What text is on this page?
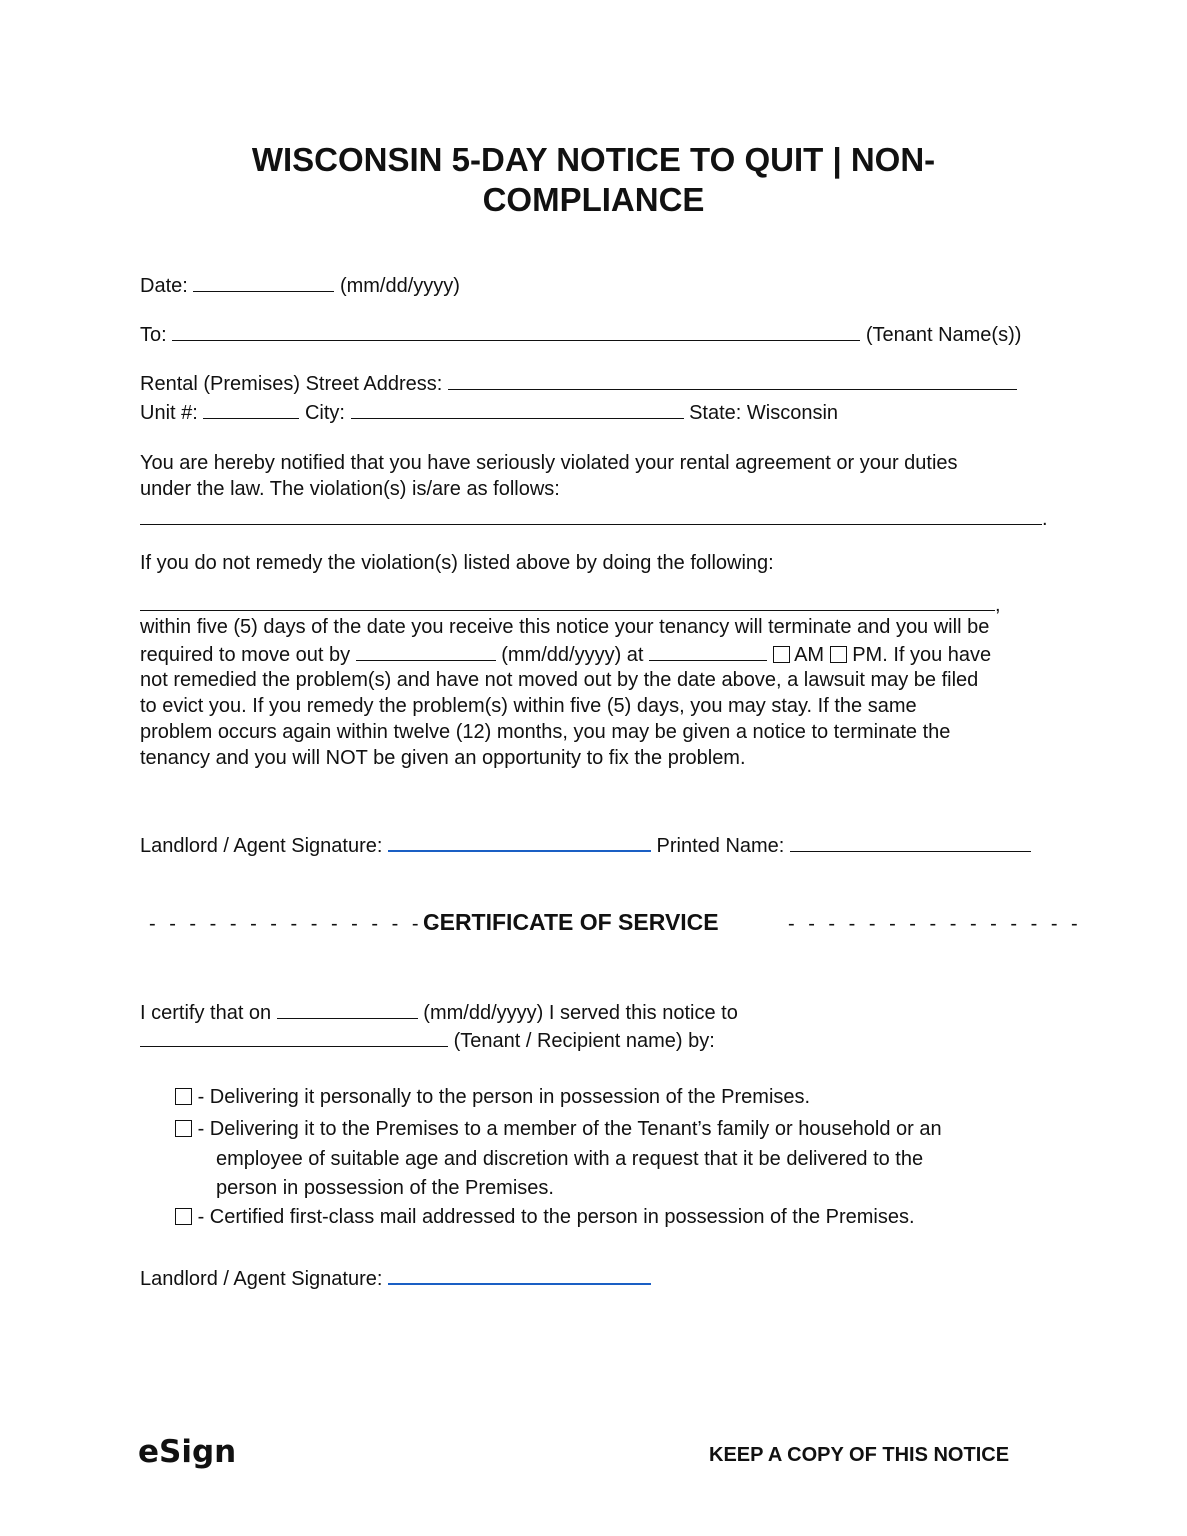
WISCONSIN 5-DAY NOTICE TO QUIT | NON-
COMPLIANCE
Date:	(mm/dd/yyyy)
To:	(Tenant Name(s))
Rental (Premises) Street Address:
Unit #:	City:	State: Wisconsin
You are hereby notified that you have seriously violated your rental agreement or your duties
under the law. The violation(s) is/are as follows:
.
If you do not remedy the violation(s) listed above by doing the following:
,
within five (5) days of the date you receive this notice your tenancy will terminate and you will be
required to move out by	(mm/dd/yyyy) at	AM PM. If you have
not remedied the problem(s) and have not moved out by the date above, a lawsuit may be filed
to evict you. If you remedy the problem(s) within five (5) days, you may stay. If the same
problem occurs again within twelve (12) months, you may be given a notice to terminate the
tenancy and you will NOT be given an opportunity to fix the problem.
Landlord / Agent Signature:	Printed Name:
- - - - - - - - - - - - - - -
CERTIFICATE OF SERVICE	- - - - - - - - - - - - - - -
I certify that on	(mm/dd/yyyy) I served this notice to
(Tenant / Recipient name) by:
- Delivering it personally to the person in possession of the Premises.
- Delivering it to the Premises to a member of the Tenant’s family or household or an
employee of suitable age and discretion with a request that it be delivered to the
person in possession of the Premises.
- Certified first-class mail addressed to the person in possession of the Premises.
Landlord / Agent Signature:
eSign	KEEP A COPY OF THIS NOTICE
